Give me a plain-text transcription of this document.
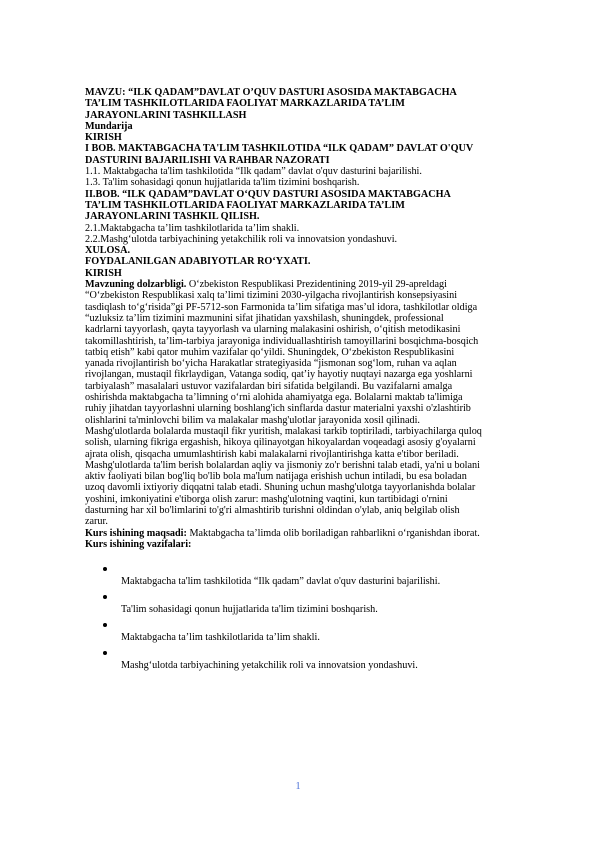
MAVZU: “ILK QADAM”DAVLAT O’QUV DASTURI ASOSIDA MAKTABGACHA
TA’LIM TASHKILOTLARIDA FAOLIYAT MARKAZLARIDA TA’LIM
JARAYONLARINI TASHKILLASH
Mundarija
KIRISH
I BOB. MAKTABGACHA TA'LIM TASHKILOTIDA “ILK QADAM” DAVLAT O'QUV
DASTURINI BAJARILISHI VA RAHBAR NAZORATI
1.1. Maktabgacha ta'lim tashkilotida “Ilk qadam” davlat o'quv dasturini bajarilishi.
1.3. Ta'lim sohasidagi qonun hujjatlarida ta'lim tizimini boshqarish.
II.BOB. “ILK QADAM”DAVLAT O‘QUV DASTURI ASOSIDA MAKTABGACHA
TA’LIM TASHKILOTLARIDA FAOLIYAT MARKAZLARIDA TA’LIM
JARAYONLARINI TASHKIL QILISH.
2.1.Maktabgacha ta’lim tashkilotlarida ta’lim shakli.
2.2.Mashg‘ulotda tarbiyachining yetakchilik roli va innovatsion yondashuvi.
XULOSA.
FOYDALANILGAN ADABIYOTLAR RO‘YXATI.
KIRISH
Mavzuning dolzarbligi. O‘zbekiston Respublikasi Prezidentining 2019-yil 29-apreldagi
“O‘zbekiston Respublikasi xalq ta’limi tizimini 2030-yilgacha rivojlantirish konsepsiyasini
tasdiqlash to‘g‘risida”gi PF-5712-son Farmonida ta’lim sifatiga mas’ul idora, tashkilotlar oldiga
“uzluksiz ta’lim tizimini mazmunini sifat jihatidan yaxshilash, shuningdek, professional
kadrlarni tayyorlash, qayta tayyorlash va ularning malakasini oshirish, o‘qitish metodikasini
takomillashtirish, ta’lim-tarbiya jarayoniga individuallashtirish tamoyillarini bosqichma-bosqich
tatbiq etish” kabi qator muhim vazifalar qo‘yildi. Shuningdek, O‘zbekiston Respublikasini
yanada rivojlantirish bo‘yicha Harakatlar strategiyasida “jismonan sog‘lom, ruhan va aqlan
rivojlangan, mustaqil fikrlaydigan, Vatanga sodiq, qat’iy hayotiy nuqtayi nazarga ega yoshlarni
tarbiyalash” masalalari ustuvor vazifalardan biri sifatida belgilandi. Bu vazifalarni amalga
oshirishda maktabgacha ta’limning o‘rni alohida ahamiyatga ega. Bolalarni maktab ta'limiga
ruhiy jihatdan tayyorlashni ularning boshlang'ich sinflarda dastur materialni yaxshi o'zlashtirib
olishlarini ta'minlovchi bilim va malakalar mashg'ulotlar jarayonida xosil qilinadi.
Mashg'ulotlarda bolalarda mustaqil fikr yuritish, malakasi tarkib toptiriladi, tarbiyachilarga quloq
solish, ularning fikriga ergashish, hikoya qilinayotgan hikoyalardan voqeadagi asosiy g'oyalarni
ajrata olish, qisqacha umumlashtirish kabi malakalarni rivojlantirishga katta e'tibor beriladi.
Mashg'ulotlarda ta'lim berish bolalardan aqliy va jismoniy zo'r berishni talab etadi, ya'ni u bolani
aktiv faoliyati bilan bog'liq bo'lib bola ma'lum natijaga erishish uchun intiladi, bu esa boladan
uzoq davomli ixtiyoriy diqqatni talab etadi. Shuning uchun mashg'ulotga tayyorlanishda bolalar
yoshini, imkoniyatini e'tiborga olish zarur: mashg'ulotning vaqtini, kun tartibidagi o'rnini
dasturning har xil bo'limlarini to'g'ri almashtirib turishni oldindan o'ylab, aniq belgilab olish
zarur.
Kurs ishining maqsadi: Maktabgacha ta’limda olib boriladigan rahbarlikni o‘rganishdan iborat.
Kurs ishining vazifalari:
Maktabgacha ta'lim tashkilotida “Ilk qadam” davlat o'quv dasturini bajarilishi.
Ta'lim sohasidagi qonun hujjatlarida ta'lim tizimini boshqarish.
Maktabgacha ta’lim tashkilotlarida ta’lim shakli.
Mashg‘ulotda tarbiyachining yetakchilik roli va innovatsion yondashuvi.
1
